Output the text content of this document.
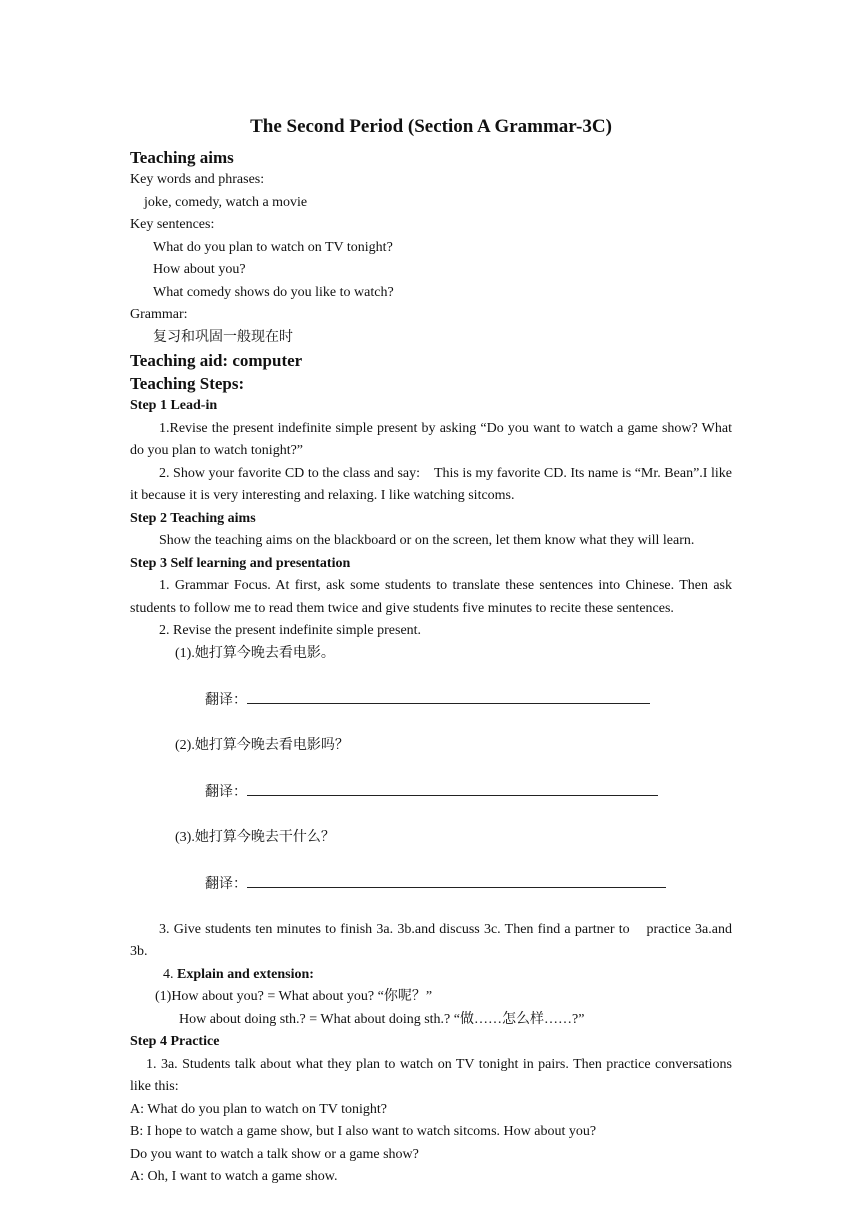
The Second Period (Section A Grammar-3C)
Teaching aims
Key words and phrases:
joke, comedy, watch a movie
Key sentences:
What do you plan to watch on TV tonight?
How about you?
What comedy shows do you like to watch?
Grammar:
复习和巩固一般现在时
Teaching aid: computer
Teaching Steps:
Step 1 Lead-in
1.Revise the present indefinite simple present by asking “Do you want to watch a game show? What do you plan to watch tonight?”
2. Show your favorite CD to the class and say:    This is my favorite CD. Its name is “Mr. Bean”.I like it because it is very interesting and relaxing. I like watching sitcoms.
Step 2 Teaching aims
Show the teaching aims on the blackboard or on the screen, let them know what they will learn.
Step 3 Self learning and presentation
1. Grammar Focus. At first, ask some students to translate these sentences into Chinese. Then ask students to follow me to read them twice and give students five minutes to recite these sentences.
2. Revise the present indefinite simple present.
(1).她打算今晚去看电影。

翻译：

(2).她打算今晚去看电影吗？

翻译：

(3).她打算今晚去干什么？

翻译：

3. Give students ten minutes to finish 3a. 3b.and discuss 3c. Then find a partner to    practice 3a.and 3b.
4. Explain and extension:
(1)How about you? = What about you? “你呢？”
How about doing sth.? = What about doing sth.? “做……怎么样……?”
Step 4 Practice
1. 3a. Students talk about what they plan to watch on TV tonight in pairs. Then practice conversations like this:
A: What do you plan to watch on TV tonight?
B: I hope to watch a game show, but I also want to watch sitcoms. How about you?
Do you want to watch a talk show or a game show?
A: Oh, I want to watch a game show.
